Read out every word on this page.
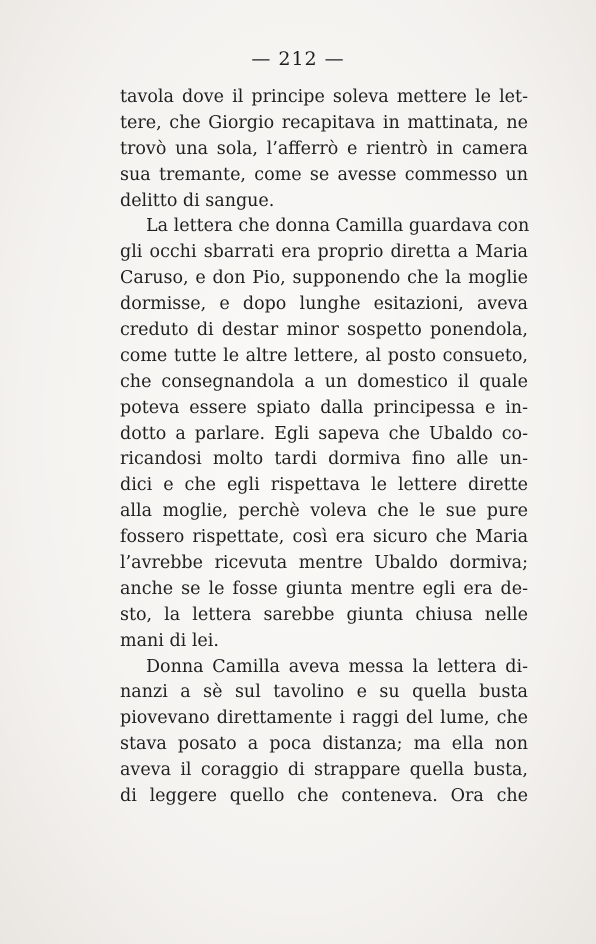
— 212 —
tavola dove il principe soleva mettere le let-
tere, che Giorgio recapitava in mattinata, ne
trovò una sola, l’afferrò e rientrò in camera
sua tremante, come se avesse commesso un
delitto di sangue.
La lettera che donna Camilla guardava con
gli occhi sbarrati era proprio diretta a Maria
Caruso, e don Pio, supponendo che la moglie
dormisse, e dopo lunghe esitazioni, aveva
creduto di destar minor sospetto ponendola,
come tutte le altre lettere, al posto consueto,
che consegnandola a un domestico il quale
poteva essere spiato dalla principessa e in-
dotto a parlare. Egli sapeva che Ubaldo co-
ricandosi molto tardi dormiva fino alle un-
dici e che egli rispettava le lettere dirette
alla moglie, perchè voleva che le sue pure
fossero rispettate, così era sicuro che Maria
l’avrebbe ricevuta mentre Ubaldo dormiva;
anche se le fosse giunta mentre egli era de-
sto, la lettera sarebbe giunta chiusa nelle
mani di lei.
Donna Camilla aveva messa la lettera di-
nanzi a sè sul tavolino e su quella busta
piovevano direttamente i raggi del lume, che
stava posato a poca distanza; ma ella non
aveva il coraggio di strappare quella busta,
di leggere quello che conteneva. Ora che
